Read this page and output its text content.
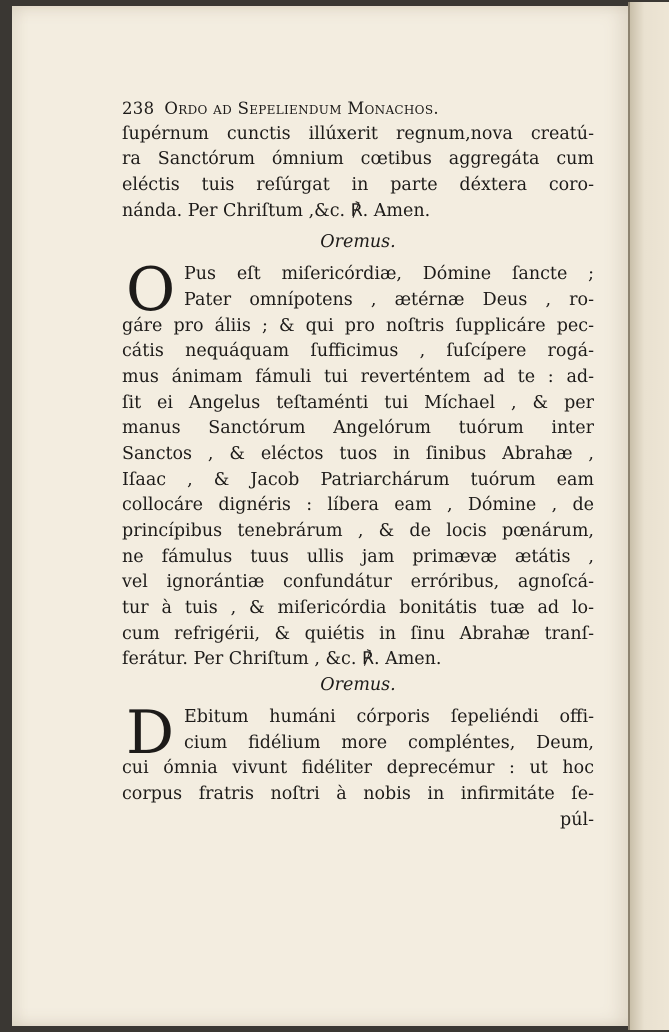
238 Ordo ad Sepeliendum Monachos.
ſupérnum cunctis illúxerit regnum,nova creatú-
ra Sanctórum ómnium cœtibus aggregáta cum
eléctis tuis reſúrgat in parte déxtera coro-
nánda. Per Chriſtum ,&c. ℟. Amen.
Oremus.
O Pus eſt miſericórdiæ, Dómine ſancte ;
Pater omnípotens , ætérnæ Deus , ro-
gáre pro áliis ; & qui pro noſtris ſupplicáre pec-
cátis nequáquam ſufficimus , ſuſcípere rogá-
mus ánimam fámuli tui reverténtem ad te : ad-
ſit ei Angelus teſtaménti tui Míchael , & per
manus Sanctórum Angelórum tuórum inter
Sanctos , & eléctos tuos in ſinibus Abrahæ ,
Iſaac , & Jacob Patriarchárum tuórum eam
collocáre dignéris : líbera eam , Dómine , de
princípibus tenebrárum , & de locis pœnárum,
ne fámulus tuus ullis jam primævæ ætátis ,
vel ignorántiæ confundátur erróribus, agnoſcá-
tur à tuis , & miſericórdia bonitátis tuæ ad lo-
cum refrigérii, & quiétis in ſinu Abrahæ tranſ-
ferátur. Per Chriſtum , &c. ℟. Amen.
Oremus.
D Ebitum humáni córporis ſepeliéndi offi-
cium fidélium more compléntes, Deum,
cui ómnia vivunt fidéliter deprecémur : ut hoc
corpus fratris noſtri à nobis in infirmitáte ſe-
púl-
